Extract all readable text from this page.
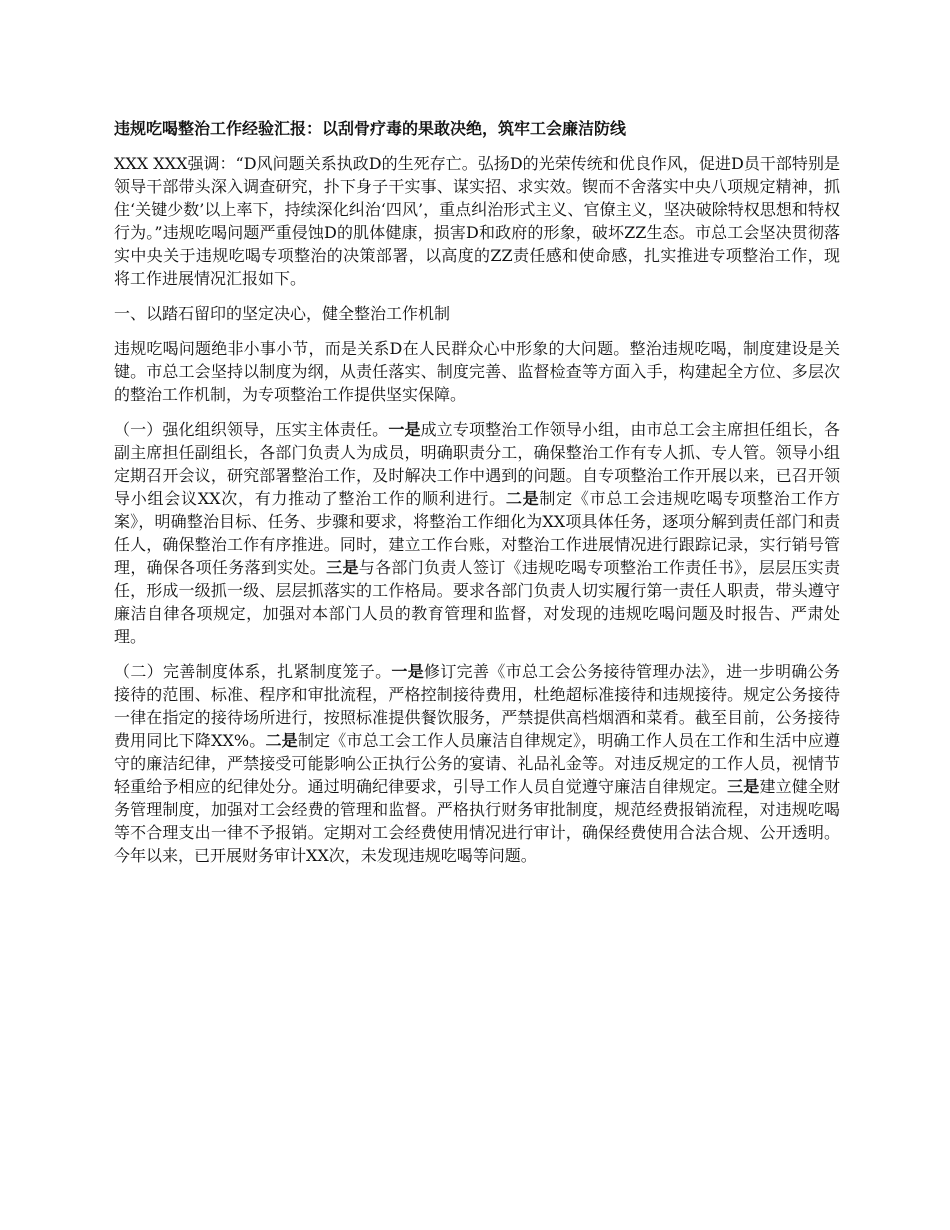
违规吃喝整治工作经验汇报：以刮骨疗毒的果敢决绝，筑牢工会廉洁防线
XXX XXX强调：“D风问题关系执政D的生死存亡。弘扬D的光荣传统和优良作风，促进D员干部特别是领导干部带头深入调查研究，扑下身子干实事、谋实招、求实效。锲而不舍落实中央八项规定精神，抓住‘关键少数’以上率下，持续深化纠治‘四风’，重点纠治形式主义、官僚主义，坚决破除特权思想和特权行为。”违规吃喝问题严重侵蚀D的肌体健康，损害D和政府的形象，破坏ZZ生态。市总工会坚决贯彻落实中央关于违规吃喝专项整治的决策部署，以高度的ZZ责任感和使命感，扎实推进专项整治工作，现将工作进展情况汇报如下。
一、以踏石留印的坚定决心，健全整治工作机制
违规吃喝问题绝非小事小节，而是关系D在人民群众心中形象的大问题。整治违规吃喝，制度建设是关键。市总工会坚持以制度为纲，从责任落实、制度完善、监督检查等方面入手，构建起全方位、多层次的整治工作机制，为专项整治工作提供坚实保障。
（一）强化组织领导，压实主体责任。一是成立专项整治工作领导小组，由市总工会主席担任组长，各副主席担任副组长，各部门负责人为成员，明确职责分工，确保整治工作有专人抓、专人管。领导小组定期召开会议，研究部署整治工作，及时解决工作中遇到的问题。自专项整治工作开展以来，已召开领导小组会议XX次，有力推动了整治工作的顺利进行。二是制定《市总工会违规吃喝专项整治工作方案》，明确整治目标、任务、步骤和要求，将整治工作细化为XX项具体任务，逐项分解到责任部门和责任人，确保整治工作有序推进。同时，建立工作台账，对整治工作进展情况进行跟踪记录，实行销号管理，确保各项任务落到实处。三是与各部门负责人签订《违规吃喝专项整治工作责任书》，层层压实责任，形成一级抓一级、层层抓落实的工作格局。要求各部门负责人切实履行第一责任人职责，带头遵守廉洁自律各项规定，加强对本部门人员的教育管理和监督，对发现的违规吃喝问题及时报告、严肃处理。
（二）完善制度体系，扎紧制度笼子。一是修订完善《市总工会公务接待管理办法》，进一步明确公务接待的范围、标准、程序和审批流程，严格控制接待费用，杜绝超标准接待和违规接待。规定公务接待一律在指定的接待场所进行，按照标准提供餐饮服务，严禁提供高档烟酒和菜肴。截至目前，公务接待费用同比下降XX%。二是制定《市总工会工作人员廉洁自律规定》，明确工作人员在工作和生活中应遵守的廉洁纪律，严禁接受可能影响公正执行公务的宴请、礼品礼金等。对违反规定的工作人员，视情节轻重给予相应的纪律处分。通过明确纪律要求，引导工作人员自觉遵守廉洁自律规定。三是建立健全财务管理制度，加强对工会经费的管理和监督。严格执行财务审批制度，规范经费报销流程，对违规吃喝等不合理支出一律不予报销。定期对工会经费使用情况进行审计，确保经费使用合法合规、公开透明。今年以来，已开展财务审计XX次，未发现违规吃喝等问题。
